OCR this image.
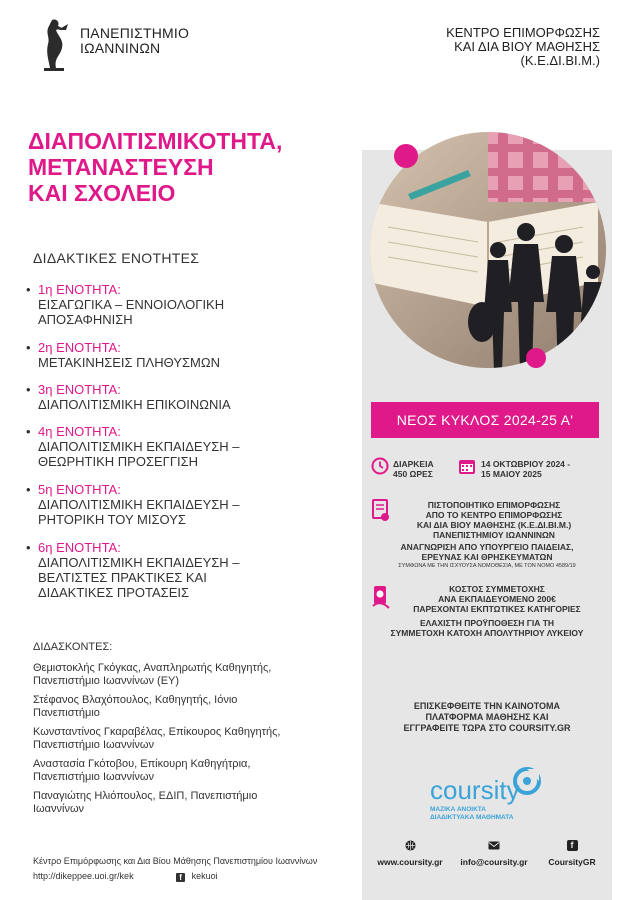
ΠΑΝΕΠΙΣΤΗΜΙΟ
ΙΩΑΝΝΙΝΩΝ
ΚΕΝΤΡΟ ΕΠΙΜΟΡΦΩΣΗΣ
ΚΑΙ ΔΙΑ ΒΙΟΥ ΜΑΘΗΣΗΣ
(Κ.Ε.ΔΙ.ΒΙ.Μ.)
ΔΙΑΠΟΛΙΤΙΣΜΙΚΟΤΗΤΑ,
ΜΕΤΑΝΑΣΤΕΥΣΗ
ΚΑΙ ΣΧΟΛΕΙΟ
ΔΙΔΑΚΤΙΚΕΣ ΕΝΟΤΗΤΕΣ
• 1η ΕΝΟΤΗΤΑ:
ΕΙΣΑΓΩΓΙΚΑ – ΕΝΝΟΙΟΛΟΓΙΚΗ
ΑΠΟΣΑΦΗΝΙΣΗ
• 2η ΕΝΟΤΗΤΑ:
ΜΕΤΑΚΙΝΗΣΕΙΣ ΠΛΗΘΥΣΜΩΝ
• 3η ΕΝΟΤΗΤΑ:
ΔΙΑΠΟΛΙΤΙΣΜΙΚΗ ΕΠΙΚΟΙΝΩΝΙΑ
• 4η ΕΝΟΤΗΤΑ:
ΔΙΑΠΟΛΙΤΙΣΜΙΚΗ ΕΚΠΑΙΔΕΥΣΗ –
ΘΕΩΡΗΤΙΚΗ ΠΡΟΣΕΓΓΙΣΗ
• 5η ΕΝΟΤΗΤΑ:
ΔΙΑΠΟΛΙΤΙΣΜΙΚΗ ΕΚΠΑΙΔΕΥΣΗ –
ΡΗΤΟΡΙΚΗ ΤΟΥ ΜΙΣΟΥΣ
• 6η ΕΝΟΤΗΤΑ:
ΔΙΑΠΟΛΙΤΙΣΜΙΚΗ ΕΚΠΑΙΔΕΥΣΗ –
ΒΕΛΤΙΣΤΕΣ ΠΡΑΚΤΙΚΕΣ ΚΑΙ
ΔΙΔΑΚΤΙΚΕΣ ΠΡΟΤΑΣΕΙΣ
ΔΙΔΑΣΚΟΝΤΕΣ:
Θεμιστοκλής Γκόγκας, Αναπληρωτής Καθηγητής,
Πανεπιστήμιο Ιωαννίνων (ΕΥ)
Στέφανος Βλαχόπουλος, Καθηγητής, Ιόνιο
Πανεπιστήμιο
Κωνσταντίνος Γκαραβέλας, Επίκουρος Καθηγητής,
Πανεπιστήμιο Ιωαννίνων
Αναστασία Γκότοβου, Επίκουρη Καθηγήτρια,
Πανεπιστήμιο Ιωαννίνων
Παναγιώτης Ηλιόπουλος, ΕΔΙΠ, Πανεπιστήμιο
Ιωαννίνων
Κέντρο Επιμόρφωσης και Δια Βίου Μάθησης Πανεπιστημίου Ιωαννίνων
http://dikeppee.uoi.gr/kek	f kekuoi
ΝΕΟΣ ΚΥΚΛΟΣ 2024-25 Α'
ΔΙΑΡΚΕΙΑ
450 ΩΡΕΣ
14 ΟΚΤΩΒΡΙΟΥ 2024 -
15 ΜΑΙΟΥ 2025
ΠΙΣΤΟΠΟΙΗΤΙΚΟ ΕΠΙΜΟΡΦΩΣΗΣ
ΑΠΟ ΤΟ ΚΕΝΤΡΟ ΕΠΙΜΟΡΦΩΣΗΣ
ΚΑΙ ΔΙΑ ΒΙΟΥ ΜΑΘΗΣΗΣ (Κ.Ε.ΔΙ.ΒΙ.Μ.)
ΠΑΝΕΠΙΣΤΗΜΙΟΥ ΙΩΑΝΝΙΝΩΝ
ΑΝΑΓΝΩΡΙΣΗ ΑΠΟ ΥΠΟΥΡΓΕΙΟ ΠΑΙΔΕΙΑΣ,
ΕΡΕΥΝΑΣ ΚΑΙ ΘΡΗΣΚΕΥΜΑΤΩΝ
ΣΥΜΦΩΝΑ ΜΕ ΤΗΝ ΙΣΧΥΟΥΣΑ ΝΟΜΟΘΕΣΙΑ, ΜΕ ΤΟΝ ΝΟΜΟ 4589/19
ΚΟΣΤΟΣ ΣΥΜΜΕΤΟΧΗΣ
ΑΝΑ ΕΚΠΑΙΔΕΥΟΜΕΝΟ 200€
ΠΑΡΕΧΟΝΤΑΙ ΕΚΠΤΩΤΙΚΕΣ ΚΑΤΗΓΟΡΙΕΣ
ΕΛΑΧΙΣΤΗ ΠΡΟΫΠΟΘΕΣΗ ΓΙΑ ΤΗ
ΣΥΜΜΕΤΟΧΗ ΚΑΤΟΧΗ ΑΠΟΛΥΤΗΡΙΟΥ ΛΥΚΕΙΟΥ
ΕΠΙΣΚΕΦΘΕΙΤΕ ΤΗΝ ΚΑΙΝΟΤΟΜΑ
ΠΛΑΤΦΟΡΜΑ ΜΑΘΗΣΗΣ ΚΑΙ
ΕΓΓΡΑΦΕΙΤΕ ΤΩΡΑ ΣΤΟ COURSITY.GR
coursity
ΜΑΖΙΚΑ ΑΝΟΙΚΤΑ
ΔΙΑΔΙΚΤΥΑΚΑ ΜΑΘΗΜΑΤΑ
www.coursity.gr	info@coursity.gr
f
CoursityGR
